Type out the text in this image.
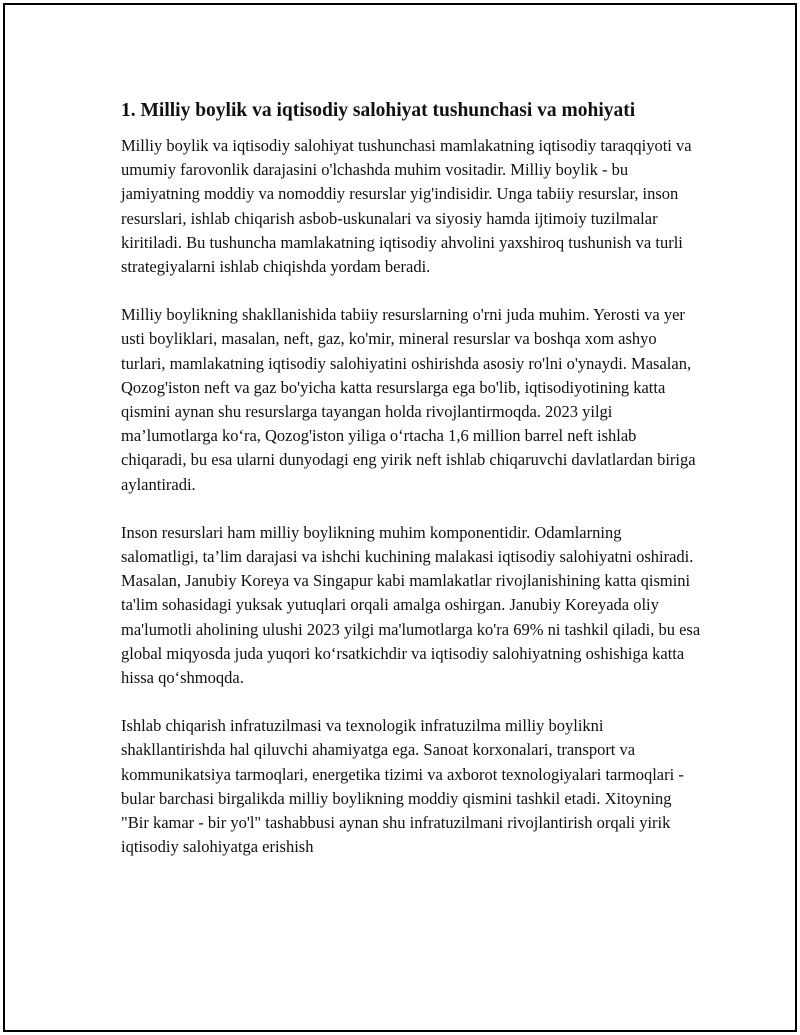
1. Milliy boylik va iqtisodiy salohiyat tushunchasi va mohiyati

Milliy boylik va iqtisodiy salohiyat tushunchasi mamlakatning iqtisodiy taraqqiyoti va umumiy farovonlik darajasini o'lchashda muhim vositadir. Milliy boylik - bu jamiyatning moddiy va nomoddiy resurslar yig'indisidir. Unga tabiiy resurslar, inson resurslari, ishlab chiqarish asbob-uskunalari va siyosiy hamda ijtimoiy tuzilmalar kiritiladi. Bu tushuncha mamlakatning iqtisodiy ahvolini yaxshiroq tushunish va turli strategiyalarni ishlab chiqishda yordam beradi.

Milliy boylikning shakllanishida tabiiy resurslarning o'rni juda muhim. Yerosti va yer usti boyliklari, masalan, neft, gaz, ko'mir, mineral resurslar va boshqa xom ashyo turlari, mamlakatning iqtisodiy salohiyatini oshirishda asosiy ro'lni o'ynaydi. Masalan, Qozog'iston neft va gaz bo'yicha katta resurslarga ega bo'lib, iqtisodiyotining katta qismini aynan shu resurslarga tayangan holda rivojlantirmoqda. 2023 yilgi ma’lumotlarga ko‘ra, Qozog'iston yiliga o‘rtacha 1,6 million barrel neft ishlab chiqaradi, bu esa ularni dunyodagi eng yirik neft ishlab chiqaruvchi davlatlardan biriga aylantiradi.

Inson resurslari ham milliy boylikning muhim komponentidir. Odamlarning salomatligi, ta’lim darajasi va ishchi kuchining malakasi iqtisodiy salohiyatni oshiradi. Masalan, Janubiy Koreya va Singapur kabi mamlakatlar rivojlanishining katta qismini ta'lim sohasidagi yuksak yutuqlari orqali amalga oshirgan. Janubiy Koreyada oliy ma'lumotli aholining ulushi 2023 yilgi ma'lumotlarga ko'ra 69% ni tashkil qiladi, bu esa global miqyosda juda yuqori ko‘rsatkichdir va iqtisodiy salohiyatning oshishiga katta hissa qo‘shmoqda.

Ishlab chiqarish infratuzilmasi va texnologik infratuzilma milliy boylikni shakllantirishda hal qiluvchi ahamiyatga ega. Sanoat korxonalari, transport va kommunikatsiya tarmoqlari, energetika tizimi va axborot texnologiyalari tarmoqlari - bular barchasi birgalikda milliy boylikning moddiy qismini tashkil etadi. Xitoyning "Bir kamar - bir yo'l" tashabbusi aynan shu infratuzilmani rivojlantirish orqali yirik iqtisodiy salohiyatga erishish
